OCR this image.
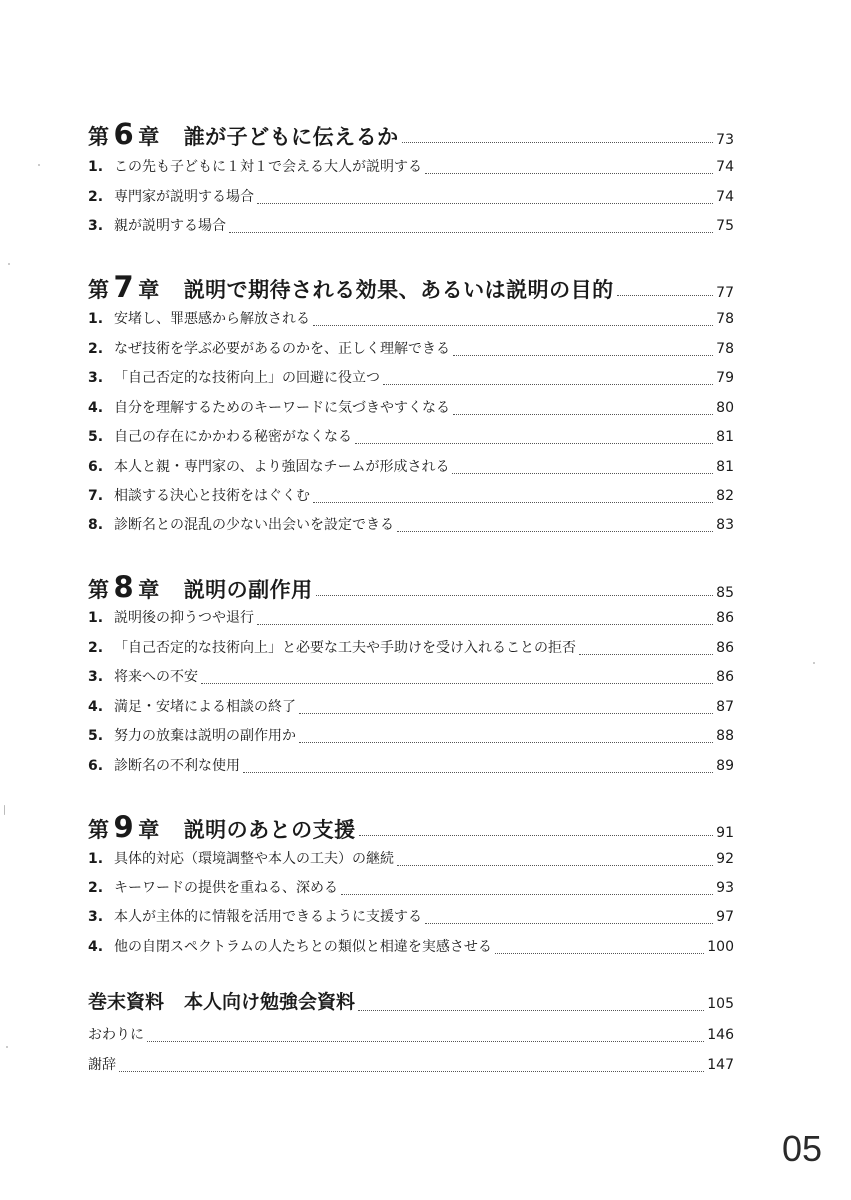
第 6 章 誰が子どもに伝えるか	73
1. この先も子どもに１対１で会える大人が説明する	74
2. 専門家が説明する場合	74
3. 親が説明する場合	75
第 7 章 説明で期待される効果、あるいは説明の目的	77
1. 安堵し、罪悪感から解放される	78
2. なぜ技術を学ぶ必要があるのかを、正しく理解できる	78
3. 「自己否定的な技術向上」の回避に役立つ	79
4. 自分を理解するためのキーワードに気づきやすくなる	80
5. 自己の存在にかかわる秘密がなくなる	81
6. 本人と親・専門家の、より強固なチームが形成される	81
7. 相談する決心と技術をはぐくむ	82
8. 診断名との混乱の少ない出会いを設定できる	83
第 8 章 説明の副作用	85
1. 説明後の抑うつや退行	86
2. 「自己否定的な技術向上」と必要な工夫や手助けを受け入れることの拒否	86
3. 将来への不安	86
4. 満足・安堵による相談の終了	87
5. 努力の放棄は説明の副作用か	88
6. 診断名の不利な使用	89
第 9 章 説明のあとの支援	91
1. 具体的対応（環境調整や本人の工夫）の継続	92
2. キーワードの提供を重ねる、深める	93
3. 本人が主体的に情報を活用できるように支援する	97
4. 他の自閉スペクトラムの人たちとの類似と相違を実感させる	100
巻末資料 本人向け勉強会資料	105
おわりに	146
謝辞	147
05
